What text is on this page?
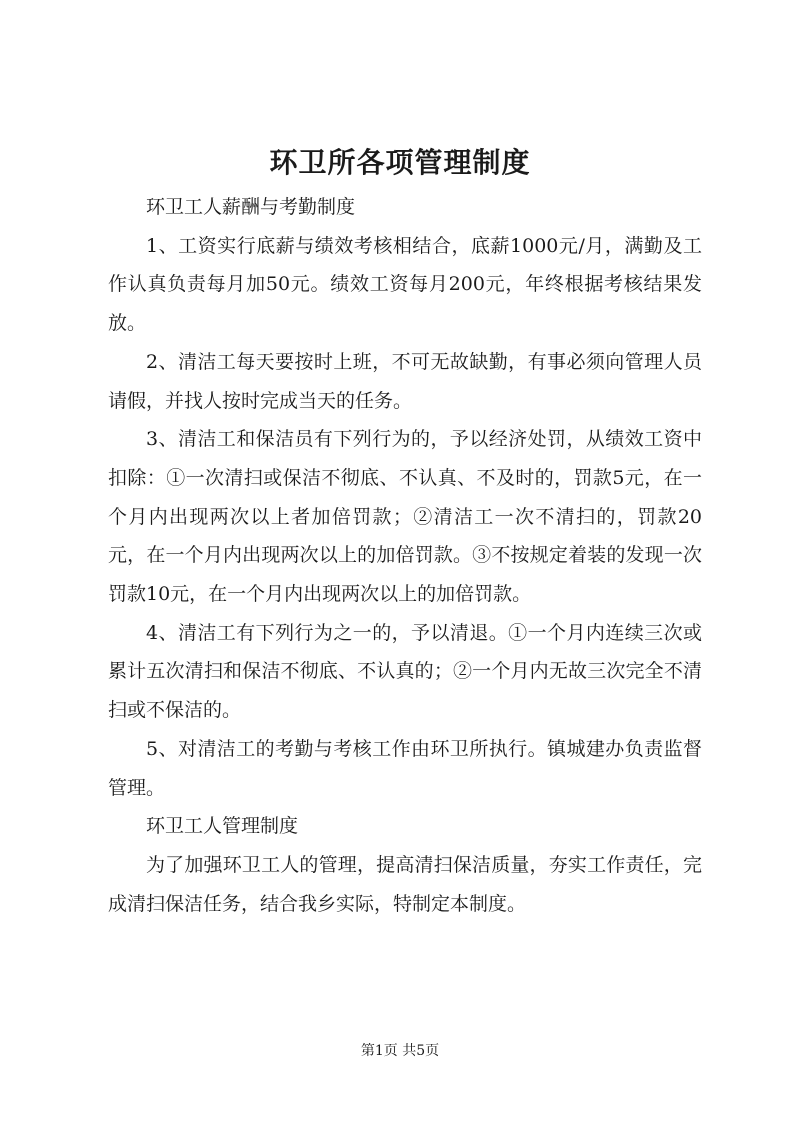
环卫所各项管理制度

环卫工人薪酬与考勤制度

1、工资实行底薪与绩效考核相结合，底薪1000元/月，满勤及工作认真负责每月加50元。绩效工资每月200元，年终根据考核结果发放。

2、清洁工每天要按时上班，不可无故缺勤，有事必须向管理人员请假，并找人按时完成当天的任务。

3、清洁工和保洁员有下列行为的，予以经济处罚，从绩效工资中扣除：①一次清扫或保洁不彻底、不认真、不及时的，罚款5元，在一个月内出现两次以上者加倍罚款；②清洁工一次不清扫的，罚款20元，在一个月内出现两次以上的加倍罚款。③不按规定着装的发现一次罚款10元，在一个月内出现两次以上的加倍罚款。

4、清洁工有下列行为之一的，予以清退。①一个月内连续三次或累计五次清扫和保洁不彻底、不认真的；②一个月内无故三次完全不清扫或不保洁的。

5、对清洁工的考勤与考核工作由环卫所执行。镇城建办负责监督管理。

环卫工人管理制度

为了加强环卫工人的管理，提高清扫保洁质量，夯实工作责任，完成清扫保洁任务，结合我乡实际，特制定本制度。

第1页 共5页
